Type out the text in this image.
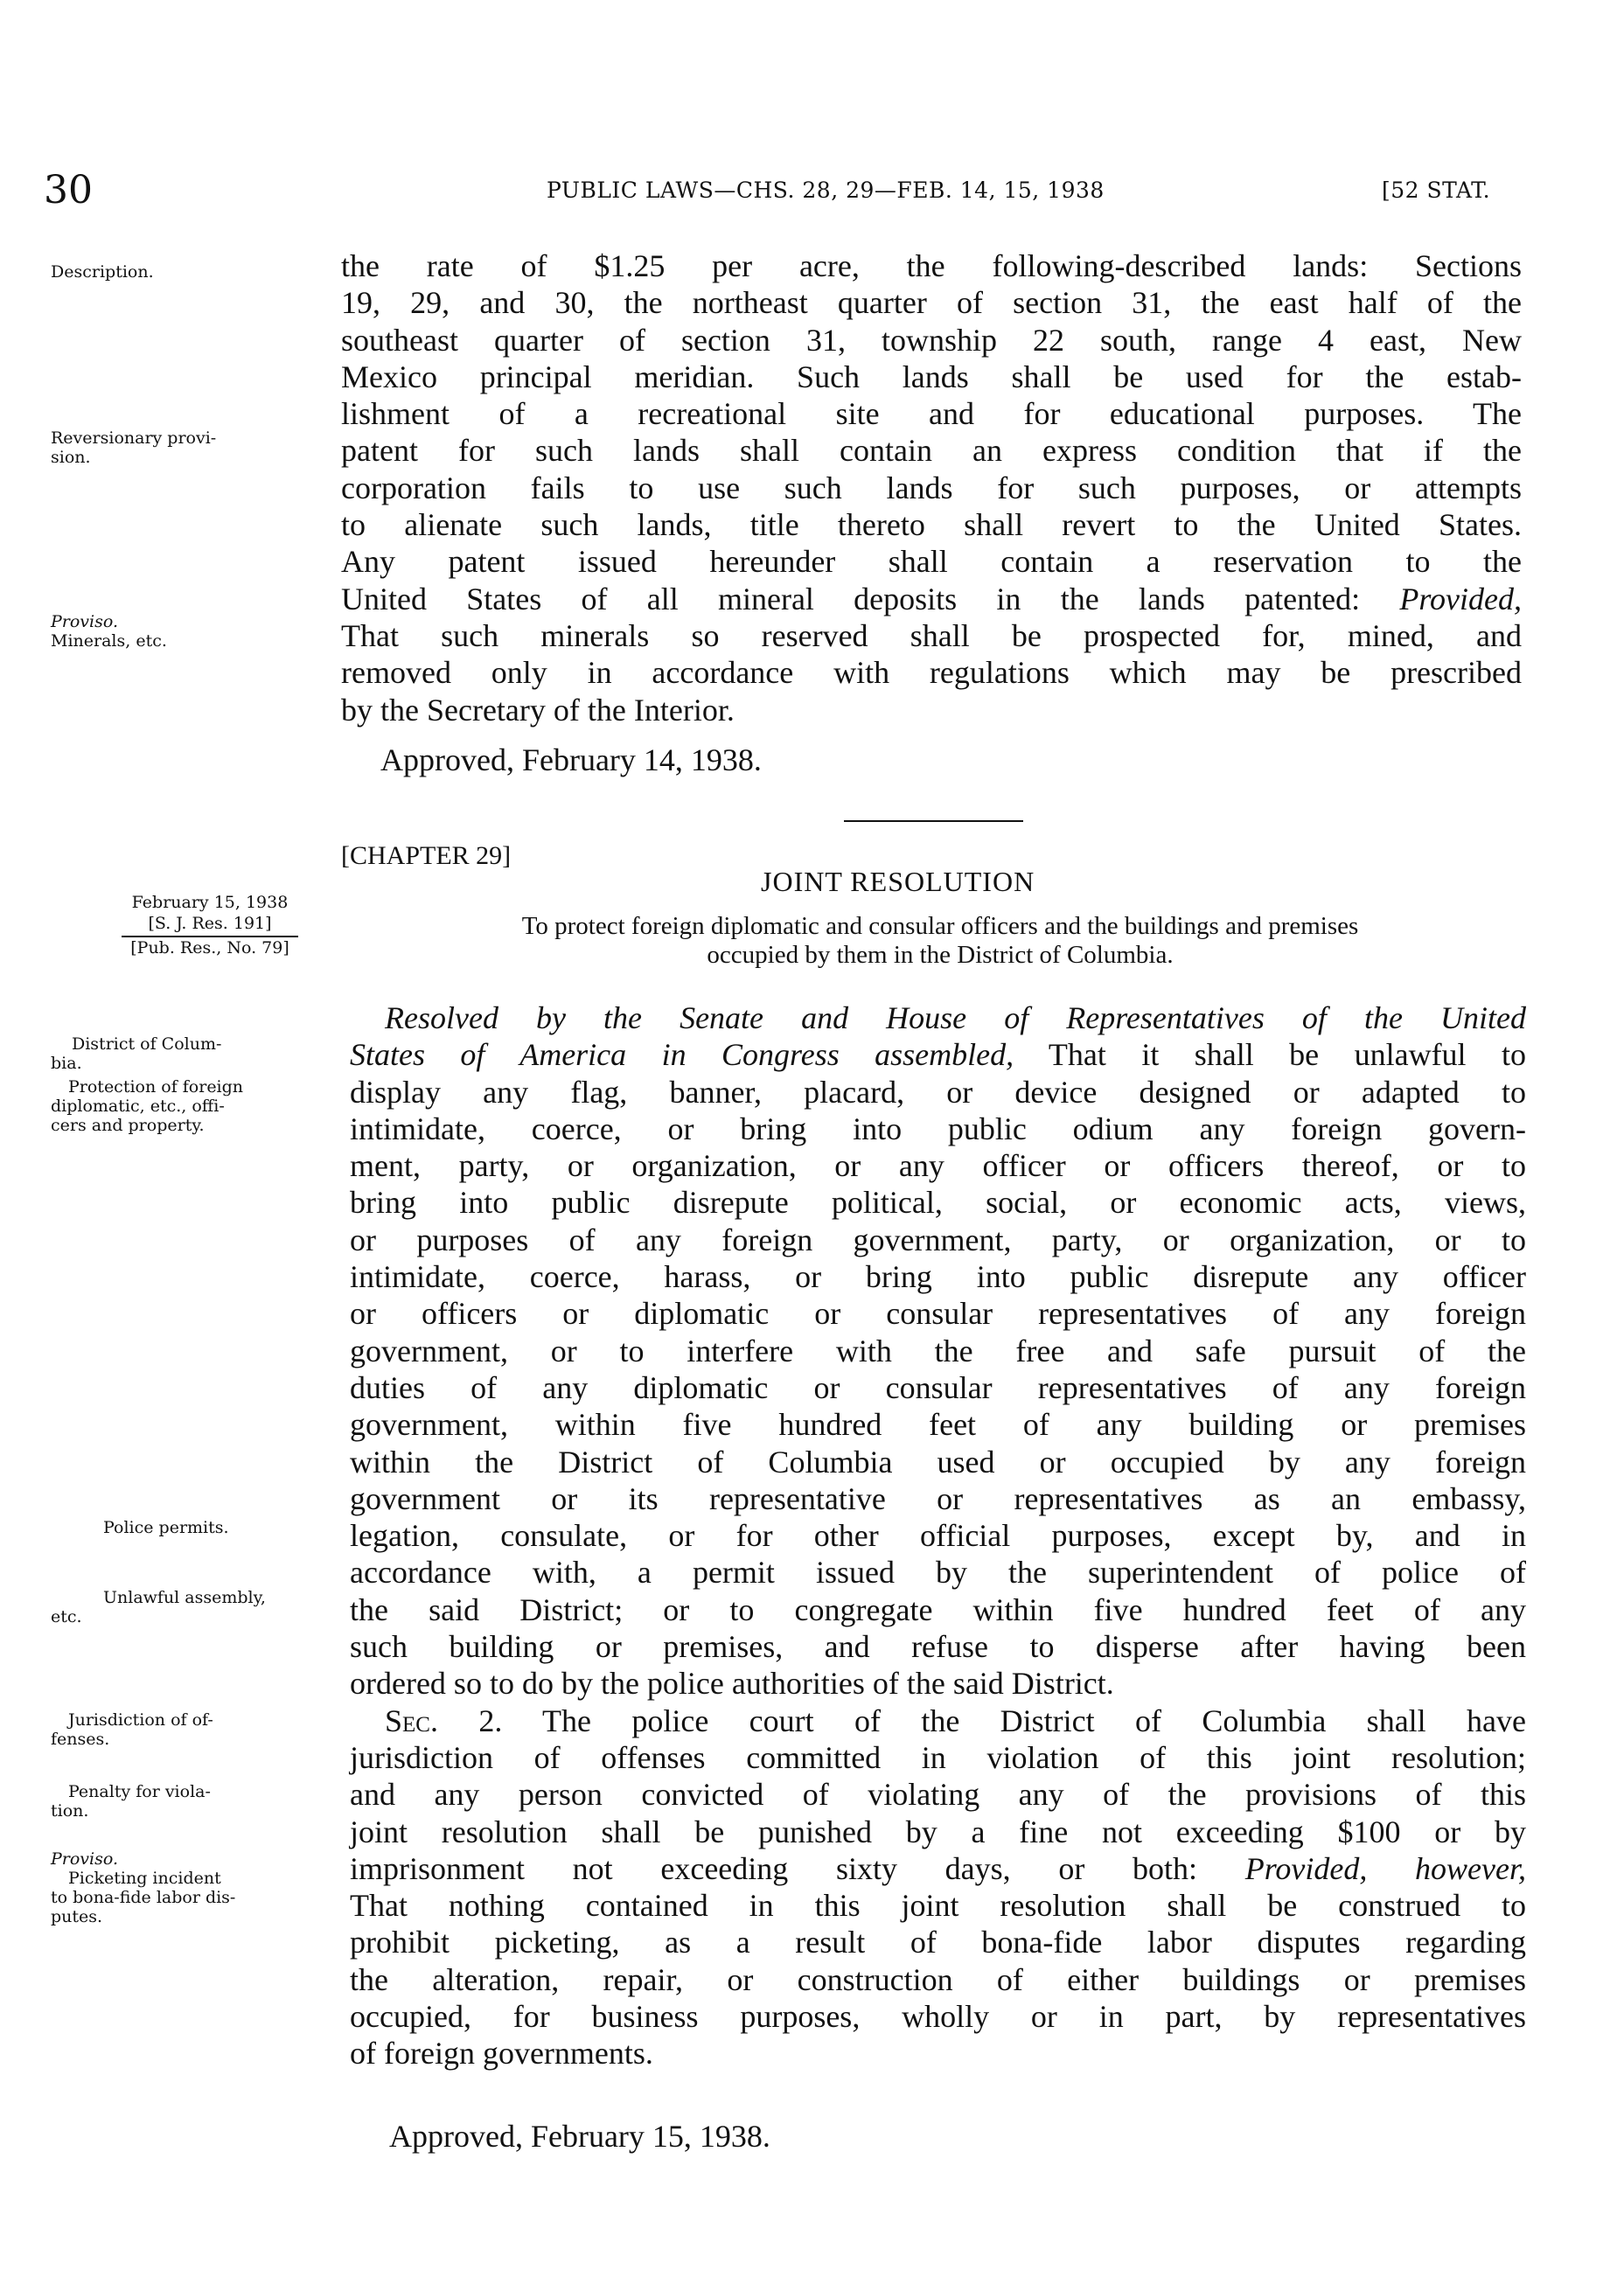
30	PUBLIC LAWS—CHS. 28, 29—FEB. 14, 15, 1938	[52 STAT.
Description.
Reversionary provi-
sion.
Proviso.
Minerals, etc.
February 15, 1938
[S. J. Res. 191]
[Pub. Res., No. 79]
District of Colum-
bia.
Protection of foreign
diplomatic, etc., offi-
cers and property.
Police permits.
Unlawful assembly,
etc.
Jurisdiction of of-
fenses.
Penalty for viola-
tion.
Proviso.
Picketing incident
to bona-fide labor dis-
putes.
the rate of $1.25 per acre, the following-described lands: Sections
19, 29, and 30, the northeast quarter of section 31, the east half of the
southeast quarter of section 31, township 22 south, range 4 east, New
Mexico principal meridian. Such lands shall be used for the estab-
lishment of a recreational site and for educational purposes. The
patent for such lands shall contain an express condition that if the
corporation fails to use such lands for such purposes, or attempts
to alienate such lands, title thereto shall revert to the United States.
Any patent issued hereunder shall contain a reservation to the
United States of all mineral deposits in the lands patented: Provided,
That such minerals so reserved shall be prospected for, mined, and
removed only in accordance with regulations which may be prescribed
by the Secretary of the Interior.
Approved, February 14, 1938.
[CHAPTER 29]
JOINT RESOLUTION
To protect foreign diplomatic and consular officers and the buildings and premises
occupied by them in the District of Columbia.
Resolved by the Senate and House of Representatives of the United
States of America in Congress assembled, That it shall be unlawful to
display any flag, banner, placard, or device designed or adapted to
intimidate, coerce, or bring into public odium any foreign govern-
ment, party, or organization, or any officer or officers thereof, or to
bring into public disrepute political, social, or economic acts, views,
or purposes of any foreign government, party, or organization, or to
intimidate, coerce, harass, or bring into public disrepute any officer
or officers or diplomatic or consular representatives of any foreign
government, or to interfere with the free and safe pursuit of the
duties of any diplomatic or consular representatives of any foreign
government, within five hundred feet of any building or premises
within the District of Columbia used or occupied by any foreign
government or its representative or representatives as an embassy,
legation, consulate, or for other official purposes, except by, and in
accordance with, a permit issued by the superintendent of police of
the said District; or to congregate within five hundred feet of any
such building or premises, and refuse to disperse after having been
ordered so to do by the police authorities of the said District.
Sec. 2. The police court of the District of Columbia shall have
jurisdiction of offenses committed in violation of this joint resolution;
and any person convicted of violating any of the provisions of this
joint resolution shall be punished by a fine not exceeding $100 or by
imprisonment not exceeding sixty days, or both: Provided, however,
That nothing contained in this joint resolution shall be construed to
prohibit picketing, as a result of bona-fide labor disputes regarding
the alteration, repair, or construction of either buildings or premises
occupied, for business purposes, wholly or in part, by representatives
of foreign governments.
Approved, February 15, 1938.
